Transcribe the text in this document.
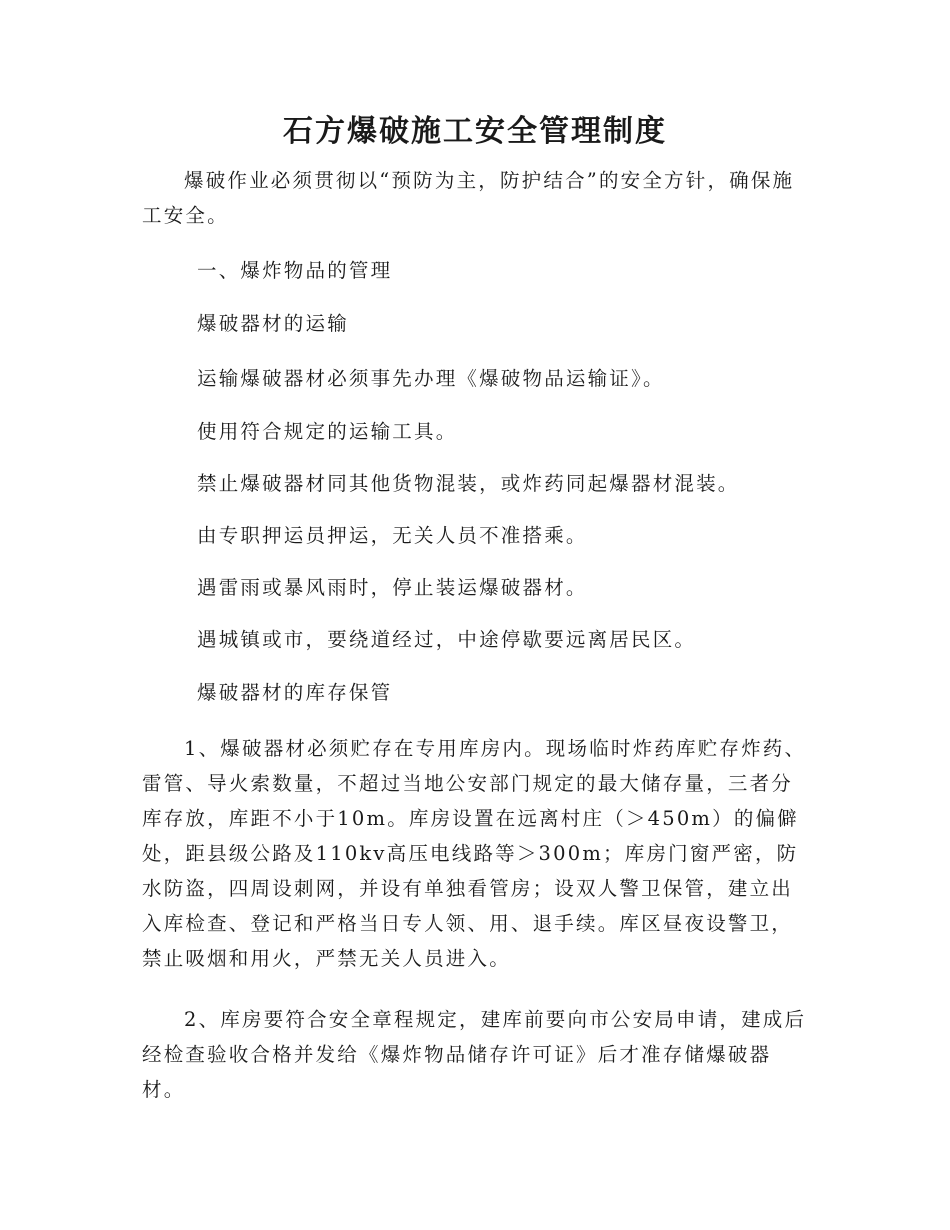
石方爆破施工安全管理制度

爆破作业必须贯彻以“预防为主，防护结合”的安全方针，确保施工安全。

一、爆炸物品的管理

爆破器材的运输

运输爆破器材必须事先办理《爆破物品运输证》。

使用符合规定的运输工具。

禁止爆破器材同其他货物混装，或炸药同起爆器材混装。

由专职押运员押运，无关人员不准搭乘。

遇雷雨或暴风雨时，停止装运爆破器材。

遇城镇或市，要绕道经过，中途停歇要远离居民区。

爆破器材的库存保管

1、爆破器材必须贮存在专用库房内。现场临时炸药库贮存炸药、雷管、导火索数量，不超过当地公安部门规定的最大储存量，三者分库存放，库距不小于10m。库房设置在远离村庄（＞450m）的偏僻处，距县级公路及110kv高压电线路等＞300m；库房门窗严密，防水防盗，四周设刺网，并设有单独看管房；设双人警卫保管，建立出入库检查、登记和严格当日专人领、用、退手续。库区昼夜设警卫，禁止吸烟和用火，严禁无关人员进入。

2、库房要符合安全章程规定，建库前要向市公安局申请，建成后经检查验收合格并发给《爆炸物品储存许可证》后才准存储爆破器材。
